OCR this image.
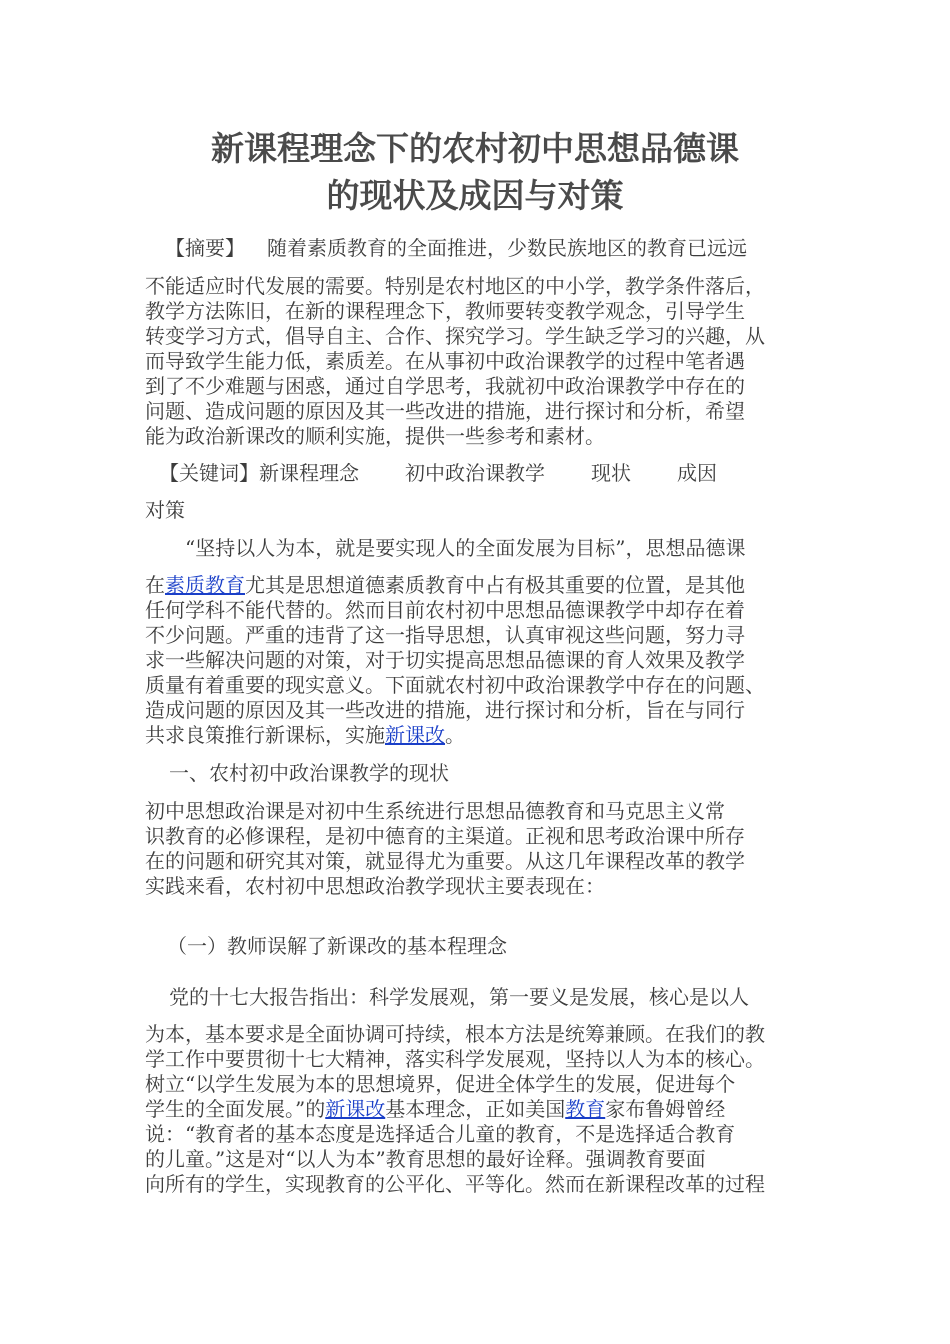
新课程理念下的农村初中思想品德课
的现状及成因与对策
【摘要】 随着素质教育的全面推进，少数民族地区的教育已远远

不能适应时代发展的需要。特别是农村地区的中小学，教学条件落后，

教学方法陈旧，在新的课程理念下，教师要转变教学观念，引导学生

转变学习方式，倡导自主、合作、探究学习。学生缺乏学习的兴趣，从

而导致学生能力低，素质差。在从事初中政治课教学的过程中笔者遇

到了不少难题与困惑，通过自学思考，我就初中政治课教学中存在的

问题、造成问题的原因及其一些改进的措施，进行探讨和分析，希望

能为政治新课改的顺利实施，提供一些参考和素材。

【关键词】新课程理念 初中政治课教学 现状 成因
对策
“坚持以人为本，就是要实现人的全面发展为目标”，思想品德课

在素质教育尤其是思想道德素质教育中占有极其重要的位置，是其他

任何学科不能代替的。然而目前农村初中思想品德课教学中却存在着

不少问题。严重的违背了这一指导思想，认真审视这些问题，努力寻

求一些解决问题的对策，对于切实提高思想品德课的育人效果及教学

质量有着重要的现实意义。下面就农村初中政治课教学中存在的问题、

造成问题的原因及其一些改进的措施，进行探讨和分析，旨在与同行

共求良策推行新课标，实施新课改。

一、农村初中政治课教学的现状

初中思想政治课是对初中生系统进行思想品德教育和马克思主义常

识教育的必修课程，是初中德育的主渠道。正视和思考政治课中所存

在的问题和研究其对策，就显得尤为重要。从这几年课程改革的教学

实践来看，农村初中思想政治教学现状主要表现在：

（一）教师误解了新课改的基本程理念
党的十七大报告指出：科学发展观，第一要义是发展，核心是以人

为本，基本要求是全面协调可持续，根本方法是统筹兼顾。在我们的教

学工作中要贯彻十七大精神，落实科学发展观，坚持以人为本的核心。

树立“以学生发展为本的思想境界，促进全体学生的发展，促进每个

学生的全面发展。”的新课改基本理念，正如美国教育家布鲁姆曾经

说：“教育者的基本态度是选择适合儿童的教育，不是选择适合教育

的儿童。”这是对“以人为本”教育思想的最好诠释。强调教育要面

向所有的学生，实现教育的公平化、平等化。然而在新课程改革的过程
